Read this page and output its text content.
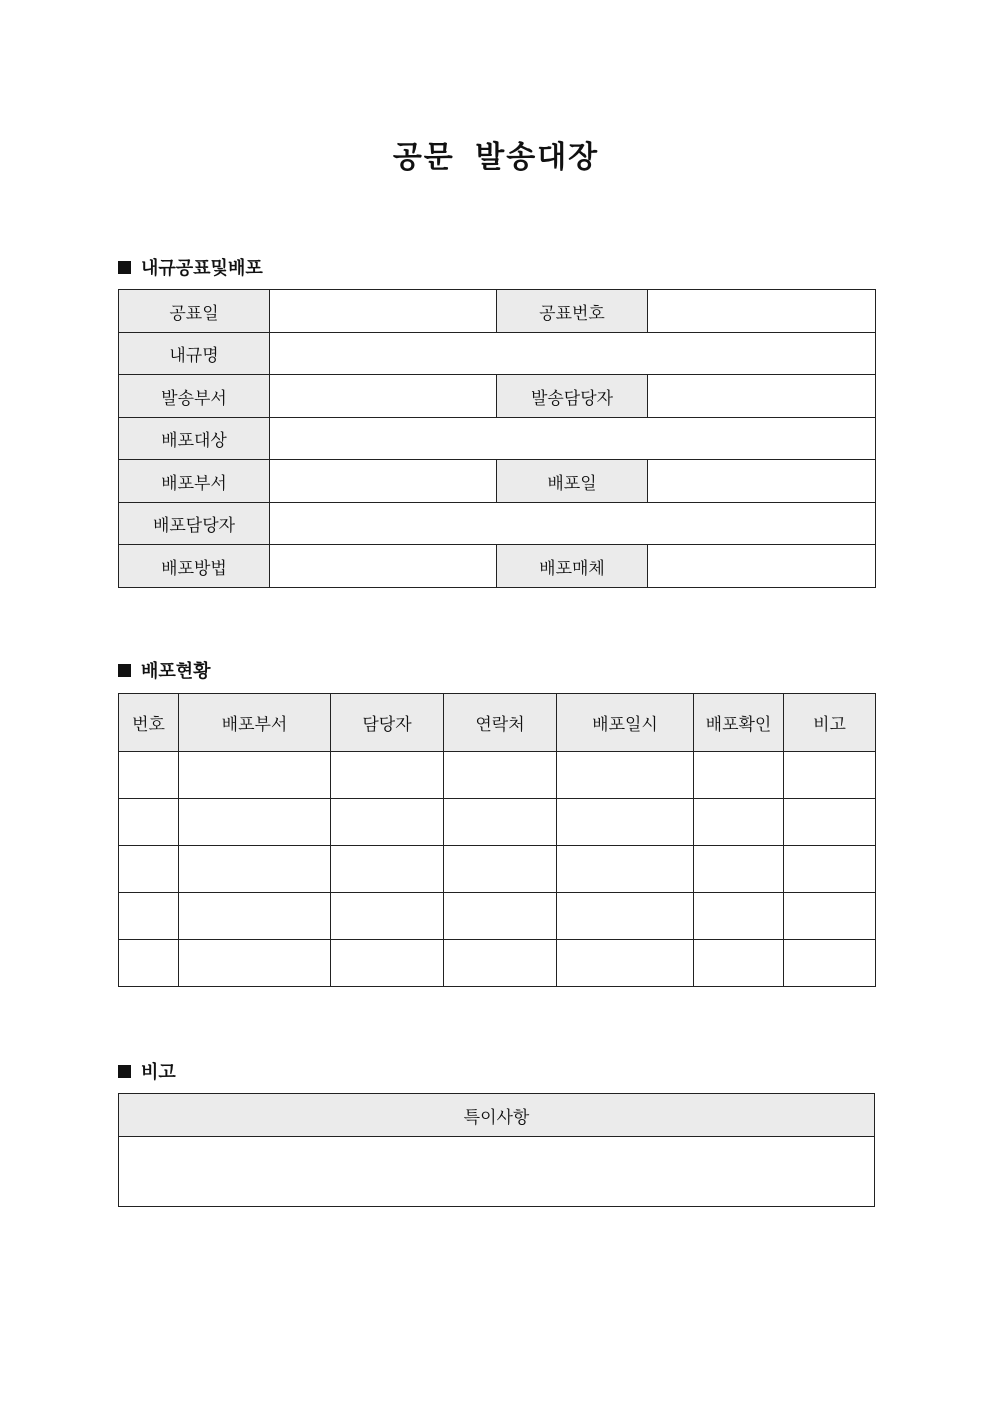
공문 발송대장
내규공표및배포
공표일		공표번호	
내규명			
발송부서		발송담당자	
배포대상			
배포부서		배포일	
배포담당자			
배포방법		배포매체	
배포현황
번호	배포부서	담당자	연락처	배포일시	배포확인	비고

비고
특이사항
